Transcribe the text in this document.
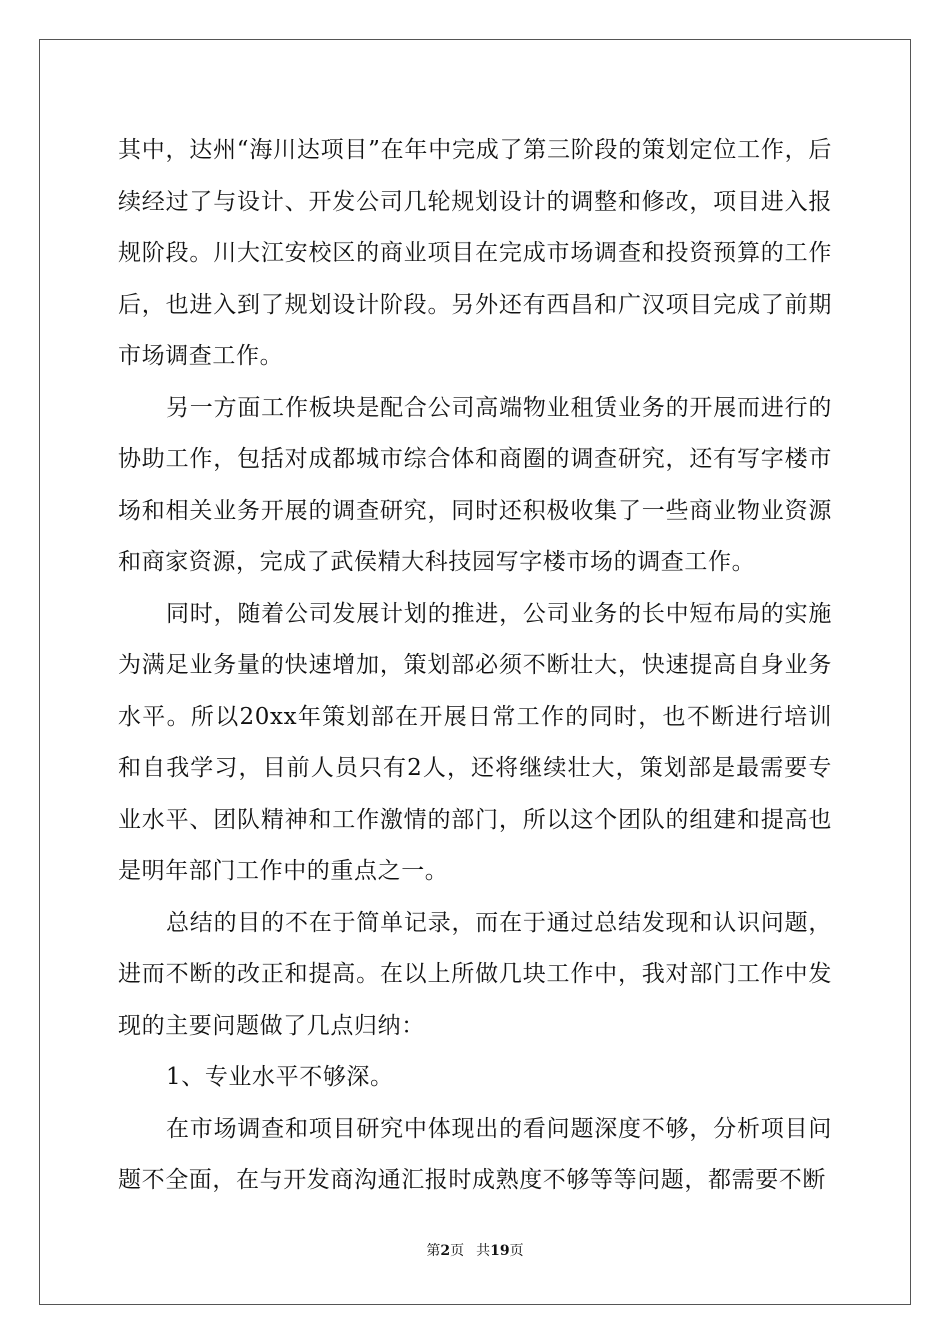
其中，达州“海川达项目”在年中完成了第三阶段的策划定位工作，后续经过了与设计、开发公司几轮规划设计的调整和修改，项目进入报规阶段。川大江安校区的商业项目在完成市场调查和投资预算的工作后，也进入到了规划设计阶段。另外还有西昌和广汉项目完成了前期市场调查工作。

另一方面工作板块是配合公司高端物业租赁业务的开展而进行的协助工作，包括对成都城市综合体和商圈的调查研究，还有写字楼市场和相关业务开展的调查研究，同时还积极收集了一些商业物业资源和商家资源，完成了武侯精大科技园写字楼市场的调查工作。

同时，随着公司发展计划的推进，公司业务的长中短布局的实施为满足业务量的快速增加，策划部必须不断壮大，快速提高自身业务水平。所以20xx年策划部在开展日常工作的同时，也不断进行培训和自我学习，目前人员只有2人，还将继续壮大，策划部是最需要专业水平、团队精神和工作激情的部门，所以这个团队的组建和提高也是明年部门工作中的重点之一。

总结的目的不在于简单记录，而在于通过总结发现和认识问题，进而不断的改正和提高。在以上所做几块工作中，我对部门工作中发现的主要问题做了几点归纳：

1、专业水平不够深。

在市场调查和项目研究中体现出的看问题深度不够，分析项目问题不全面，在与开发商沟通汇报时成熟度不够等等问题，都需要不断

第2页 共19页
